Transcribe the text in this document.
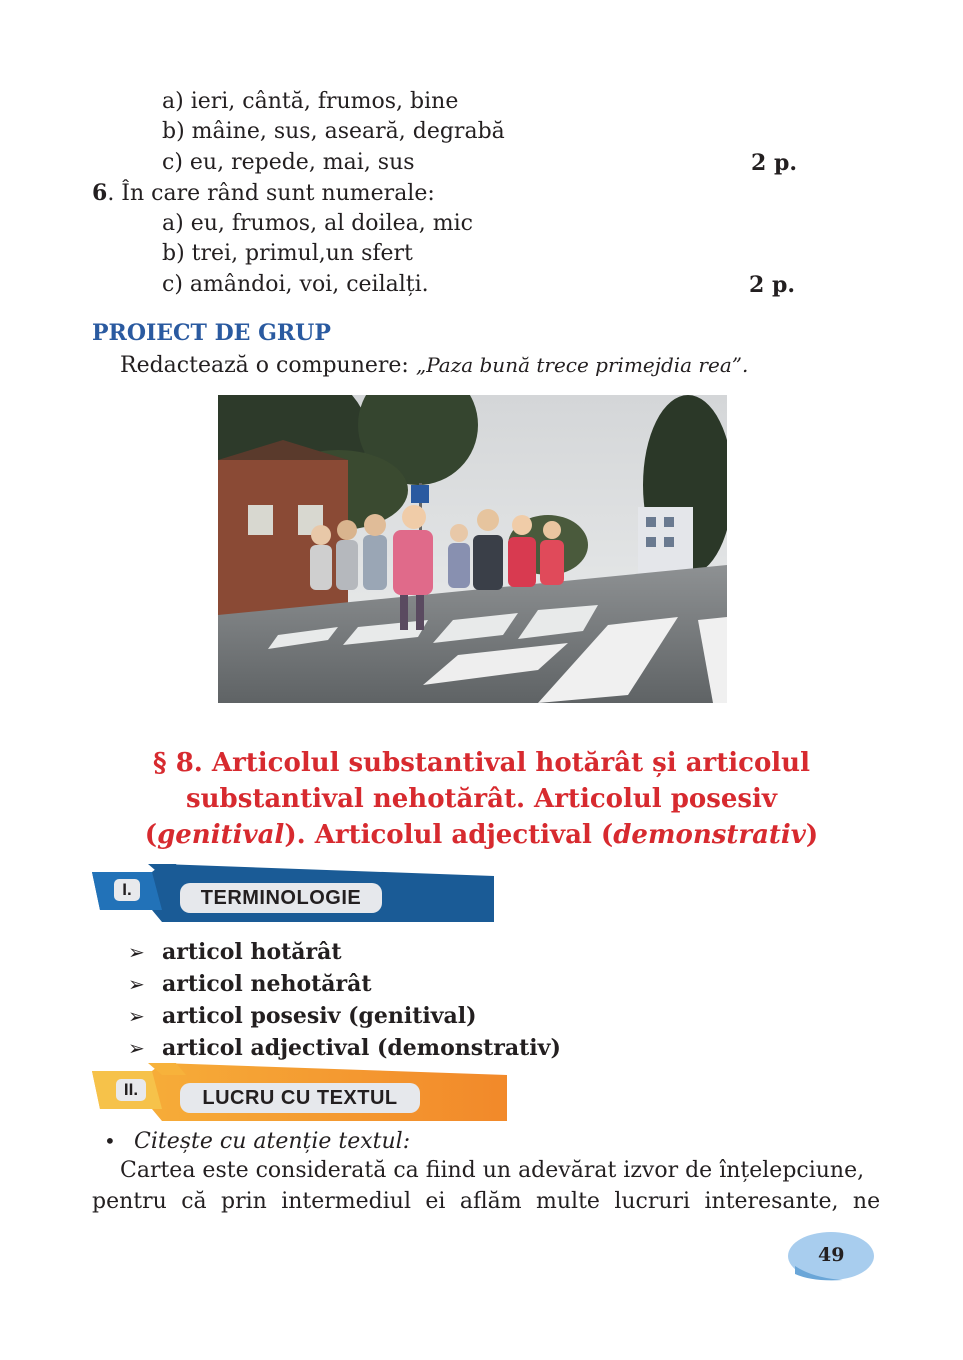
a) ieri, cântă, frumos, bine
b) mâine, sus, aseară, degrabă
c) eu, repede, mai, sus	2 p.
6. În care rând sunt numerale:
a) eu, frumos, al doilea, mic
b) trei, primul,un sfert
c) amândoi, voi, ceilalți.	2 p.
PROIECT DE GRUP
Redactează o compunere: „Paza bună trece primejdia rea”.
§ 8. Articolul substantival hotărât și articolul
substantival nehotărât. Articolul posesiv
(genitival). Articolul adjectival (demonstrativ)
I.	TERMINOLOGIE
➢ articol hotărât
➢ articol nehotărât
➢ articol posesiv (genitival)
➢ articol adjectival (demonstrativ)
II.	LUCRU CU TEXTUL
• Citește cu atenție textul:
Cartea este considerată ca fiind un adevărat izvor de înțelepciune,
pentru că prin intermediul ei aflăm multe lucruri interesante, ne
49
